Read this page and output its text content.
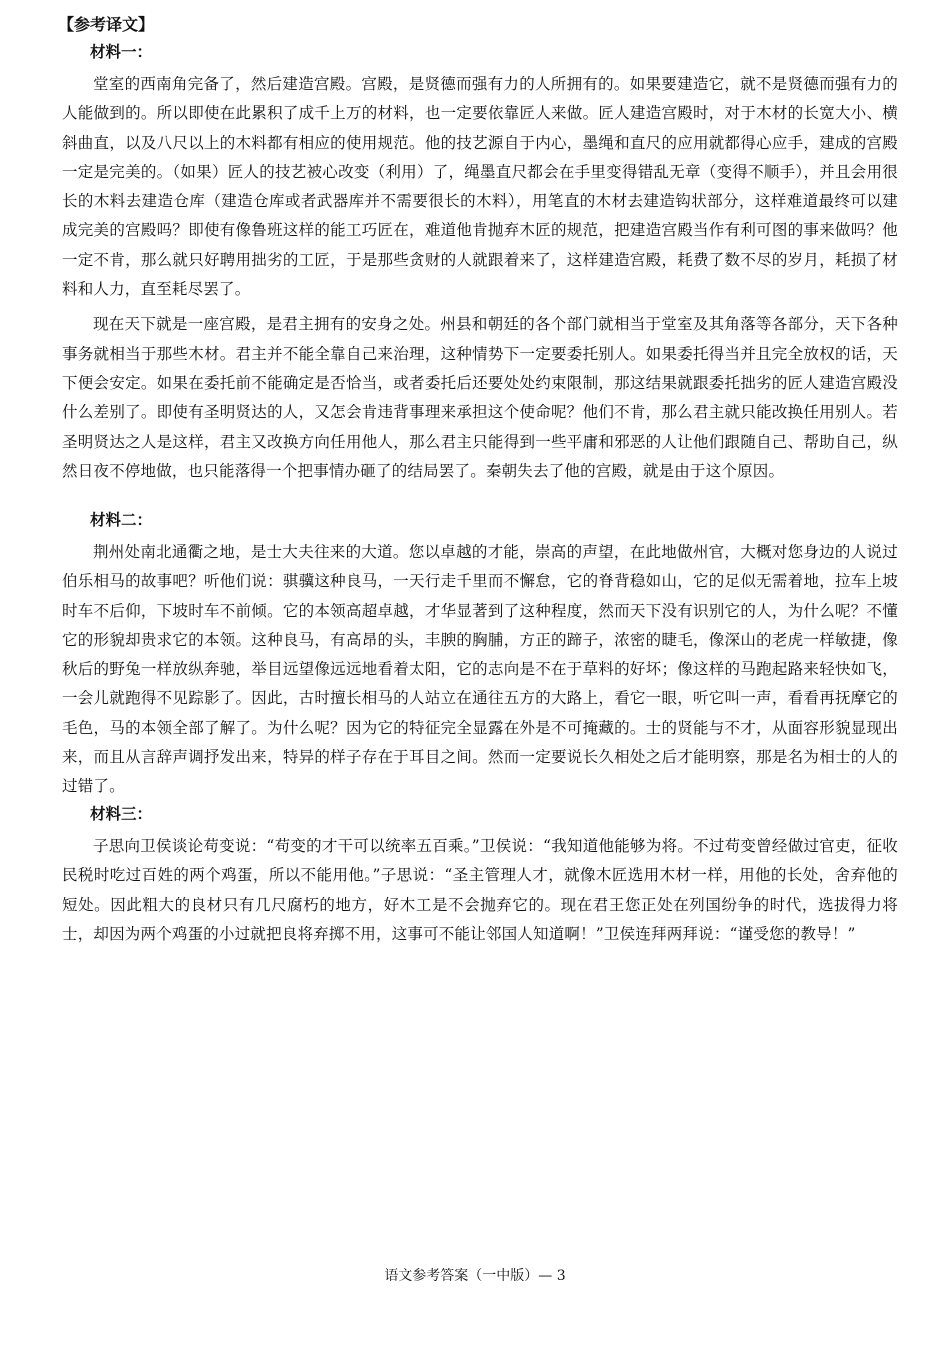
【参考译文】
材料一：

堂室的西南角完备了，然后建造宫殿。宫殿，是贤德而强有力的人所拥有的。如果要建造它，就不是贤德而强有力的人能做到的。所以即使在此累积了成千上万的材料，也一定要依靠匠人来做。匠人建造宫殿时，对于木材的长宽大小、横斜曲直，以及八尺以上的木料都有相应的使用规范。他的技艺源自于内心，墨绳和直尺的应用就都得心应手，建成的宫殿一定是完美的。（如果）匠人的技艺被心改变（利用）了，绳墨直尺都会在手里变得错乱无章（变得不顺手），并且会用很长的木料去建造仓库（建造仓库或者武器库并不需要很长的木料），用笔直的木材去建造钩状部分，这样难道最终可以建成完美的宫殿吗？即使有像鲁班这样的能工巧匠在，难道他肯抛弃木匠的规范，把建造宫殿当作有利可图的事来做吗？他一定不肯，那么就只好聘用拙劣的工匠，于是那些贪财的人就跟着来了，这样建造宫殿，耗费了数不尽的岁月，耗损了材料和人力，直至耗尽罢了。

现在天下就是一座宫殿，是君主拥有的安身之处。州县和朝廷的各个部门就相当于堂室及其角落等各部分，天下各种事务就相当于那些木材。君主并不能全靠自己来治理，这种情势下一定要委托别人。如果委托得当并且完全放权的话，天下便会安定。如果在委托前不能确定是否恰当，或者委托后还要处处约束限制，那这结果就跟委托拙劣的匠人建造宫殿没什么差别了。即使有圣明贤达的人，又怎会肯违背事理来承担这个使命呢？他们不肯，那么君主就只能改换任用别人。若圣明贤达之人是这样，君主又改换方向任用他人，那么君主只能得到一些平庸和邪恶的人让他们跟随自己、帮助自己，纵然日夜不停地做，也只能落得一个把事情办砸了的结局罢了。秦朝失去了他的宫殿，就是由于这个原因。

材料二：

荆州处南北通衢之地，是士大夫往来的大道。您以卓越的才能，崇高的声望，在此地做州官，大概对您身边的人说过伯乐相马的故事吧？听他们说：骐骥这种良马，一天行走千里而不懈怠，它的脊背稳如山，它的足似无需着地，拉车上坡时车不后仰，下坡时车不前倾。它的本领高超卓越，才华显著到了这种程度，然而天下没有识别它的人，为什么呢？不懂它的形貌却贵求它的本领。这种良马，有高昂的头，丰腴的胸脯，方正的蹄子，浓密的睫毛，像深山的老虎一样敏捷，像秋后的野兔一样放纵奔驰，举目远望像远远地看着太阳，它的志向是不在于草料的好坏；像这样的马跑起路来轻快如飞，一会儿就跑得不见踪影了。因此，古时擅长相马的人站立在通往五方的大路上，看它一眼，听它叫一声，看看再抚摩它的毛色，马的本领全部了解了。为什么呢？因为它的特征完全显露在外是不可掩藏的。士的贤能与不才，从面容形貌显现出来，而且从言辞声调抒发出来，特异的样子存在于耳目之间。然而一定要说长久相处之后才能明察，那是名为相士的人的过错了。

材料三：

子思向卫侯谈论苟变说：“苟变的才干可以统率五百乘。”卫侯说：“我知道他能够为将。不过苟变曾经做过官吏，征收民税时吃过百姓的两个鸡蛋，所以不能用他。”子思说：“圣主管理人才，就像木匠选用木材一样，用他的长处，舍弃他的短处。因此粗大的良材只有几尺腐朽的地方，好木工是不会抛弃它的。现在君王您正处在列国纷争的时代，选拔得力将士，却因为两个鸡蛋的小过就把良将弃掷不用，这事可不能让邻国人知道啊！”卫侯连拜两拜说：“谨受您的教导！”

语文参考答案（一中版）— 3
